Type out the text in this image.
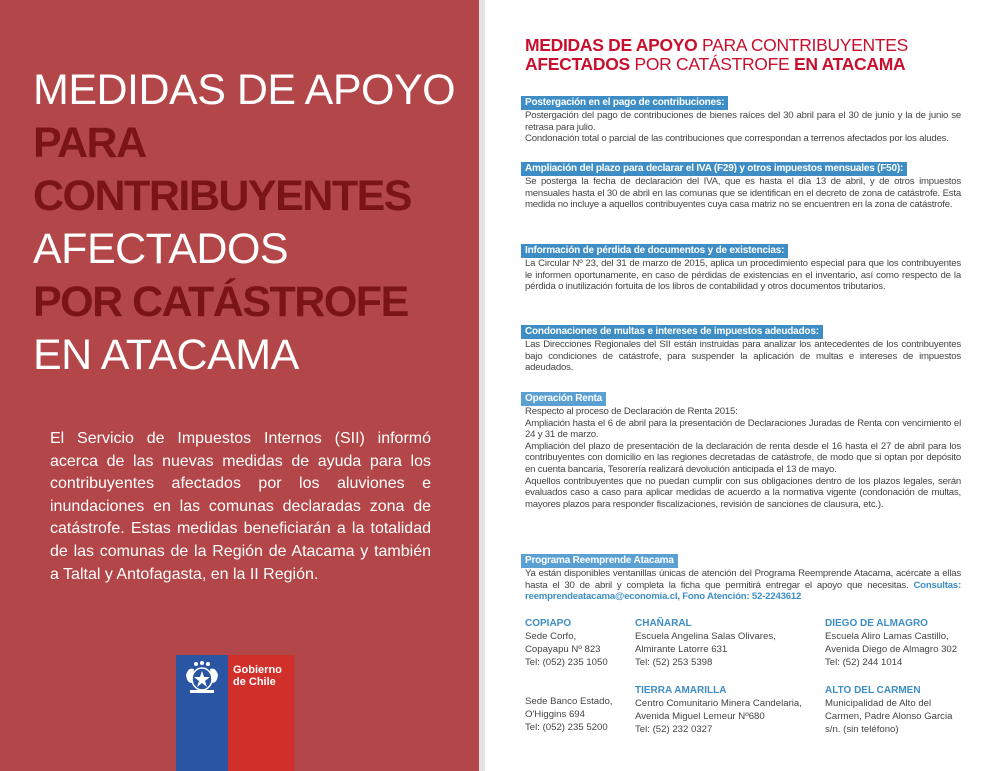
MEDIDAS DE APOYO
PARA CONTRIBUYENTES
AFECTADOS
POR CATÁSTROFE
EN ATACAMA

El Servicio de Impuestos Internos (SII) informó acerca de las nuevas medidas de ayuda para los contribuyentes afectados por los aluviones e inundaciones en las comunas declaradas zona de catástrofe. Estas medidas beneficiarán a la totalidad de las comunas de la Región de Atacama y también a Taltal y Antofagasta, en la II Región.

Gobierno
de Chile
MEDIDAS DE APOYO PARA CONTRIBUYENTES
AFECTADOS POR CATÁSTROFE EN ATACAMA
Postergación en el pago de contribuciones:

Postergación del pago de contribuciones de bienes raíces del 30 abril para el 30 de junio y la de junio se retrasa para julio.

Condonación total o parcial de las contribuciones que correspondan a terrenos afectados por los aludes.

Ampliación del plazo para declarar el IVA (F29) y otros impuestos mensuales (F50):

Se posterga la fecha de declaración del IVA, que es hasta el día 13 de abril, y de otros impuestos mensuales hasta el 30 de abril en las comunas que se identifican en el decreto de zona de catástrofe. Esta medida no incluye a aquellos contribuyentes cuya casa matriz no se encuentren en la zona de catástrofe.

Información de pérdida de documentos y de existencias:

La Circular Nº 23, del 31 de marzo de 2015, aplica un procedimiento especial para que los contribuyentes le informen oportunamente, en caso de pérdidas de existencias en el inventario, así como respecto de la pérdida o inutilización fortuita de los libros de contabilidad y otros documentos tributarios.

Condonaciones de multas e intereses de impuestos adeudados:

Las Direcciones Regionales del SII están instruidas para analizar los antecedentes de los contribuyentes bajo condiciones de catástrofe, para suspender la aplicación de multas e intereses de impuestos adeudados.

Operación Renta

Respecto al proceso de Declaración de Renta 2015:

Ampliación hasta el 6 de abril para la presentación de Declaraciones Juradas de Renta con vencimiento el 24 y 31 de marzo.

Ampliación del plazo de presentación de la declaración de renta desde el 16 hasta el 27 de abril para los contribuyentes con domicilio en las regiones decretadas de catástrofe, de modo que si optan por depósito en cuenta bancaria, Tesorería realizará devolución anticipada el 13 de mayo.

Aquellos contribuyentes que no puedan cumplir con sus obligaciones dentro de los plazos legales, serán evaluados caso a caso para aplicar medidas de acuerdo a la normativa vigente (condonación de multas, mayores plazos para responder fiscalizaciones, revisión de sanciones de clausura, etc.).

Programa Reemprende Atacama

Ya están disponibles ventanillas únicas de atención del Programa Reemprende Atacama, acércate a ellas hasta el 30 de abril y completa la ficha que permitirá entregar el apoyo que necesitas. Consultas: reemprendeatacama@economia.cl, Fono Atención: 52-2243612

COPIAPO
Sede Corfo,
Copayapu Nº 823
Tel: (052) 235 1050
Sede Banco Estado,
O'Higgins 694
Tel: (052) 235 5200
CHAÑARAL
Escuela Angelina Salas Olivares,
Almirante Latorre 631
Tel: (52) 253 5398
TIERRA AMARILLA
Centro Comunitario Minera Candelaria,
Avenida Miguel Lemeur Nº680
Tel: (52) 232 0327
DIEGO DE ALMAGRO
Escuela Aliro Lamas Castillo,
Avenida Diego de Almagro 302
Tel: (52) 244 1014
ALTO DEL CARMEN
Municipalidad de Alto del
Carmen, Padre Alonso Garcia
s/n. (sin teléfono)
